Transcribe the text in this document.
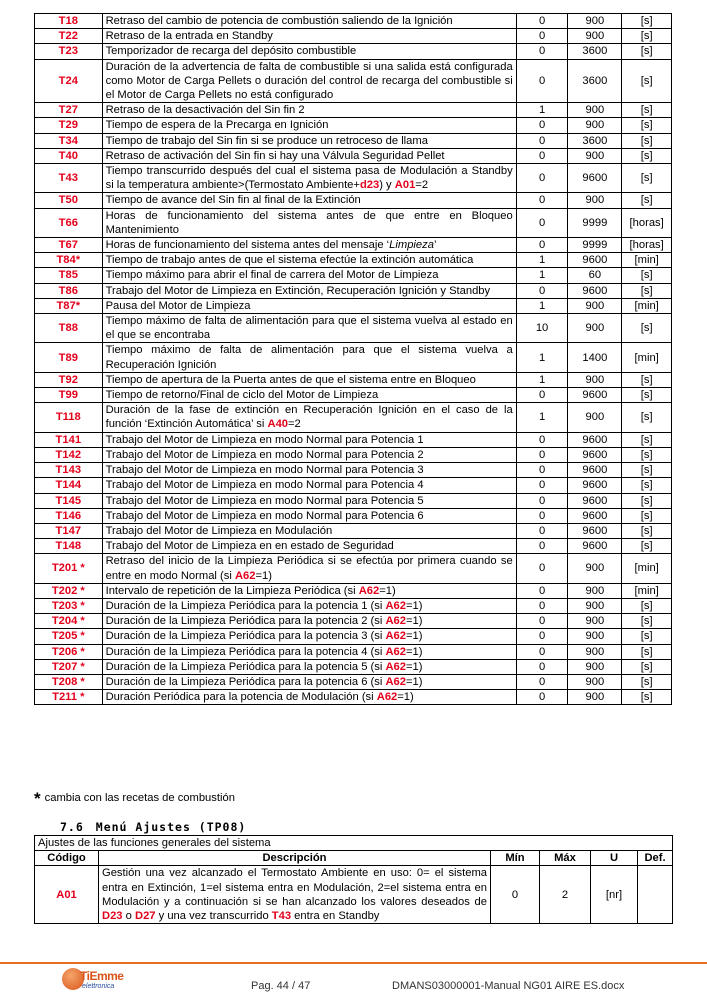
T18	Retraso del cambio de potencia de combustión saliendo de la Ignición	0	900	[s]
T22	Retraso de la entrada en Standby	0	900	[s]
T23	Temporizador de recarga del depósito combustible	0	3600	[s]
T24	Duración de la advertencia de falta de combustible si una salida está configurada como Motor de Carga Pellets o duración del control de recarga del combustible si el Motor de Carga Pellets no está configurado	0	3600	[s]
T27	Retraso de la desactivación del Sin fin 2	1	900	[s]
T29	Tiempo de espera de la Precarga en Ignición	0	900	[s]
T34	Tiempo de trabajo del Sin fin si se produce un retroceso de llama	0	3600	[s]
T40	Retraso de activación del Sin fin si hay una Válvula Seguridad Pellet	0	900	[s]
T43	Tiempo transcurrido después del cual el sistema pasa de Modulación a Standby si la temperatura ambiente>(Termostato Ambiente+d23) y A01=2	0	9600	[s]
T50	Tiempo de avance del Sin fin al final de la Extinción	0	900	[s]
T66	Horas de funcionamiento del sistema antes de que entre en Bloqueo Mantenimiento	0	9999	[horas]
T67	Horas de funcionamiento del sistema antes del mensaje ‘Limpieza’	0	9999	[horas]
T84*	Tiempo de trabajo antes de que el sistema efectúe la extinción automática	1	9600	[min]
T85	Tiempo máximo para abrir el final de carrera del Motor de Limpieza	1	60	[s]
T86	Trabajo del Motor de Limpieza en Extinción, Recuperación Ignición y Standby	0	9600	[s]
T87*	Pausa del Motor de Limpieza	1	900	[min]
T88	Tiempo máximo de falta de alimentación para que el sistema vuelva al estado en el que se encontraba	10	900	[s]
T89	Tiempo máximo de falta de alimentación para que el sistema vuelva a Recuperación Ignición	1	1400	[min]
T92	Tiempo de apertura de la Puerta antes de que el sistema entre en Bloqueo	1	900	[s]
T99	Tiempo de retorno/Final de ciclo del Motor de Limpieza	0	9600	[s]
T118	Duración de la fase de extinción en Recuperación Ignición en el caso de la función ‘Extinción Automática’ si A40=2	1	900	[s]
T141	Trabajo del Motor de Limpieza en modo Normal para Potencia 1	0	9600	[s]
T142	Trabajo del Motor de Limpieza en modo Normal para Potencia 2	0	9600	[s]
T143	Trabajo del Motor de Limpieza en modo Normal para Potencia 3	0	9600	[s]
T144	Trabajo del Motor de Limpieza en modo Normal para Potencia 4	0	9600	[s]
T145	Trabajo del Motor de Limpieza en modo Normal para Potencia 5	0	9600	[s]
T146	Trabajo del Motor de Limpieza en modo Normal para Potencia 6	0	9600	[s]
T147	Trabajo del Motor de Limpieza en Modulación	0	9600	[s]
T148	Trabajo del Motor de Limpieza en en estado de Seguridad	0	9600	[s]
T201 *	Retraso del inicio de la Limpieza Periódica si se efectúa por primera cuando se entre en modo Normal (si A62=1)	0	900	[min]
T202 *	Intervalo de repetición de la Limpieza Periódica (si A62=1)	0	900	[min]
T203 *	Duración de la Limpieza Periódica para la potencia 1 (si A62=1)	0	900	[s]
T204 *	Duración de la Limpieza Periódica para la potencia 2 (si A62=1)	0	900	[s]
T205 *	Duración de la Limpieza Periódica para la potencia 3 (si A62=1)	0	900	[s]
T206 *	Duración de la Limpieza Periódica para la potencia 4 (si A62=1)	0	900	[s]
T207 *	Duración de la Limpieza Periódica para la potencia 5 (si A62=1)	0	900	[s]
T208 *	Duración de la Limpieza Periódica para la potencia 6 (si A62=1)	0	900	[s]
T211 *	Duración Periódica para la potencia de Modulación (si A62=1)	0	900	[s]
* cambia con las recetas de combustión
7.6 Menú Ajustes (TP08)
Ajustes de las funciones generales del sistema					
Código	Descripción	Mín	Máx	U	Def.
A01	Gestión una vez alcanzado el Termostato Ambiente en uso: 0= el sistema entra en Extinción, 1=el sistema entra en Modulación, 2=el sistema entra en Modulación y a continuación si se han alcanzado los valores deseados de D23 o D27 y una vez transcurrido T43 entra en Standby	0	2	[nr]	
TiEmme
elettronica	Pag. 44 / 47	DMANS03000001-Manual NG01 AIRE ES.docx
